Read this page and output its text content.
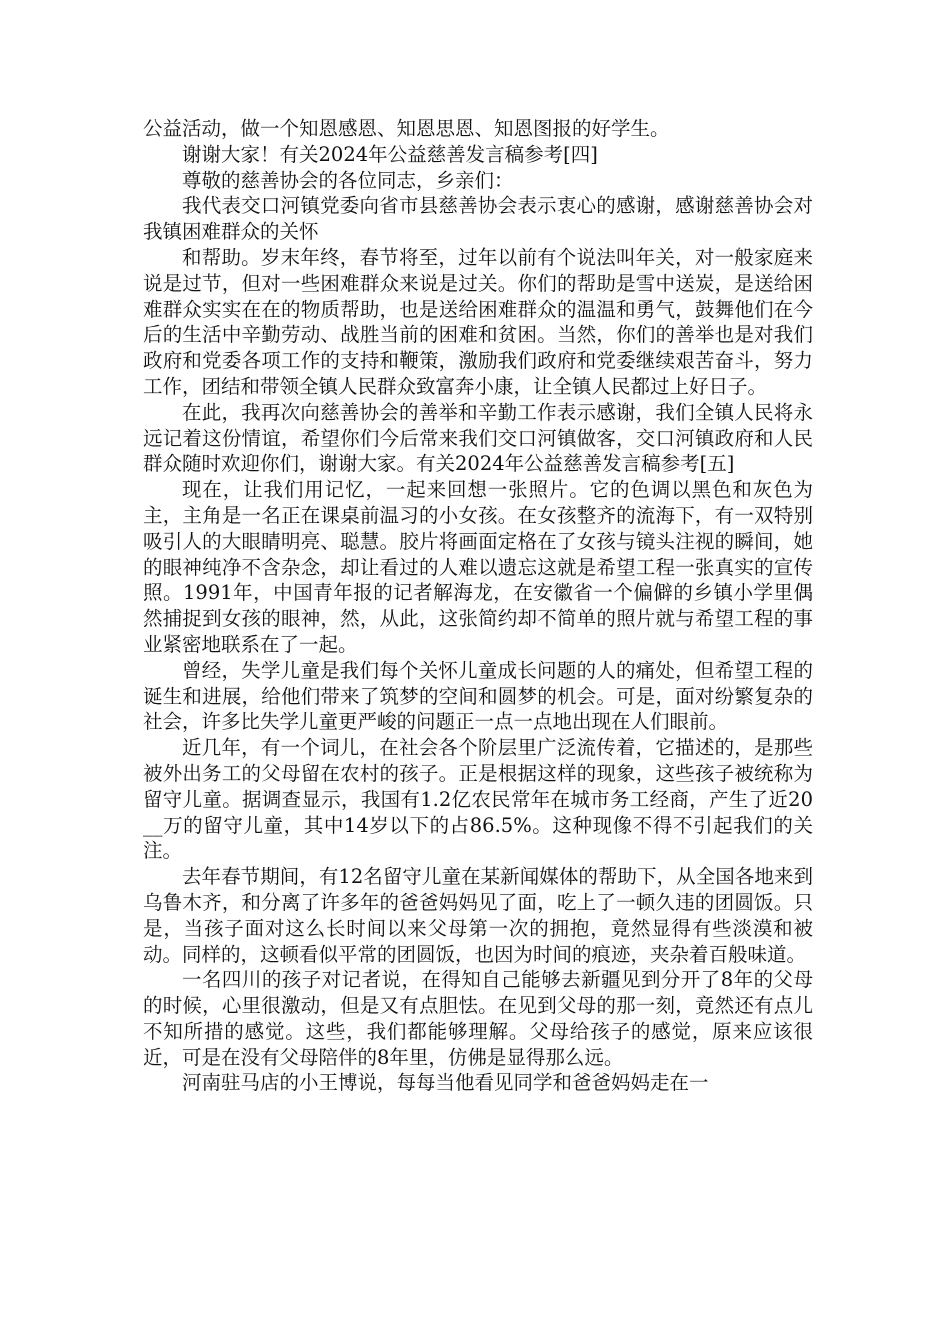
公益活动，做一个知恩感恩、知恩思恩、知恩图报的好学生。

谢谢大家！有关2024年公益慈善发言稿参考[四]

尊敬的慈善协会的各位同志，乡亲们：

我代表交口河镇党委向省市县慈善协会表示衷心的感谢，感谢慈善协会对我镇困难群众的关怀

和帮助。岁末年终，春节将至，过年以前有个说法叫年关，对一般家庭来说是过节，但对一些困难群众来说是过关。你们的帮助是雪中送炭，是送给困难群众实实在在的物质帮助，也是送给困难群众的温温和勇气，鼓舞他们在今后的生活中辛勤劳动、战胜当前的困难和贫困。当然，你们的善举也是对我们政府和党委各项工作的支持和鞭策，激励我们政府和党委继续艰苦奋斗，努力工作，团结和带领全镇人民群众致富奔小康，让全镇人民都过上好日子。

在此，我再次向慈善协会的善举和辛勤工作表示感谢，我们全镇人民将永远记着这份情谊，希望你们今后常来我们交口河镇做客，交口河镇政府和人民群众随时欢迎你们，谢谢大家。有关2024年公益慈善发言稿参考[五]

现在，让我们用记忆，一起来回想一张照片。它的色调以黑色和灰色为主，主角是一名正在课桌前温习的小女孩。在女孩整齐的流海下，有一双特别吸引人的大眼睛明亮、聪慧。胶片将画面定格在了女孩与镜头注视的瞬间，她的眼神纯净不含杂念，却让看过的人难以遗忘这就是希望工程一张真实的宣传照。1991年，中国青年报的记者解海龙，在安徽省一个偏僻的乡镇小学里偶然捕捉到女孩的眼神，然，从此，这张简约却不简单的照片就与希望工程的事业紧密地联系在了一起。

曾经，失学儿童是我们每个关怀儿童成长问题的人的痛处，但希望工程的诞生和进展，给他们带来了筑梦的空间和圆梦的机会。可是，面对纷繁复杂的社会，许多比失学儿童更严峻的问题正一点一点地出现在人们眼前。

近几年，有一个词儿，在社会各个阶层里广泛流传着，它描述的，是那些被外出务工的父母留在农村的孩子。正是根据这样的现象，这些孩子被统称为留守儿童。据调查显示，我国有1.2亿农民常年在城市务工经商，产生了近20__万的留守儿童，其中14岁以下的占86.5%。这种现像不得不引起我们的关注。

去年春节期间，有12名留守儿童在某新闻媒体的帮助下，从全国各地来到乌鲁木齐，和分离了许多年的爸爸妈妈见了面，吃上了一顿久违的团圆饭。只是，当孩子面对这么长时间以来父母第一次的拥抱，竟然显得有些淡漠和被动。同样的，这顿看似平常的团圆饭，也因为时间的痕迹，夹杂着百般味道。

一名四川的孩子对记者说，在得知自己能够去新疆见到分开了8年的父母的时候，心里很激动，但是又有点胆怯。在见到父母的那一刻，竟然还有点儿不知所措的感觉。这些，我们都能够理解。父母给孩子的感觉，原来应该很近，可是在没有父母陪伴的8年里，仿佛是显得那么远。

河南驻马店的小王博说，每每当他看见同学和爸爸妈妈走在一
